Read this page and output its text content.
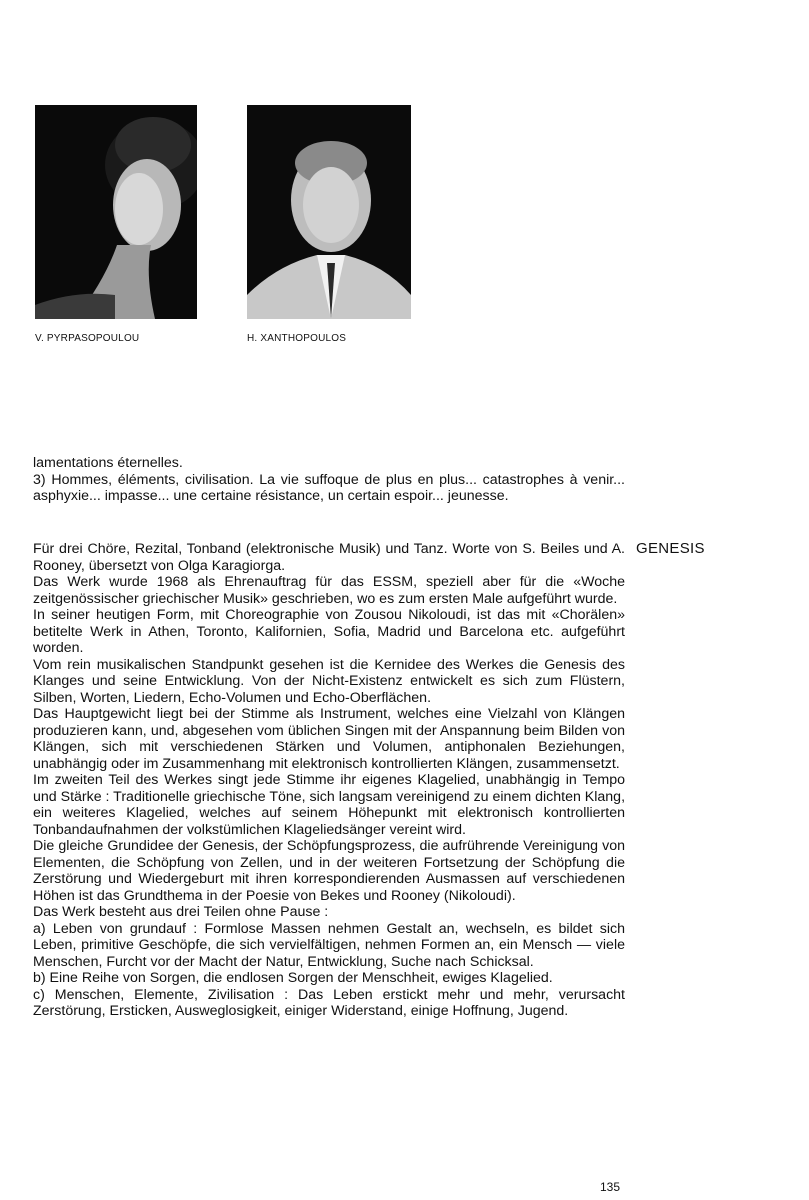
V. PYRPASOPOULOU	H. XANTHOPOULOS

lamentations éternelles.

3) Hommes, éléments, civilisation. La vie suffoque de plus en plus... catastrophes à venir... asphyxie... impasse... une certaine résistance, un certain espoir... jeunesse.

GENESIS

Für drei Chöre, Rezital, Tonband (elektronische Musik) und Tanz. Worte von S. Beiles und A. Rooney, übersetzt von Olga Karagiorga.

Das Werk wurde 1968 als Ehrenauftrag für das ESSM, speziell aber für die «Woche zeitgenössischer griechischer Musik» geschrieben, wo es zum ersten Male aufgeführt wurde.

In seiner heutigen Form, mit Choreographie von Zousou Nikoloudi, ist das mit «Chorälen» betitelte Werk in Athen, Toronto, Kalifornien, Sofia, Madrid und Barcelona etc. aufgeführt worden.

Vom rein musikalischen Standpunkt gesehen ist die Kernidee des Werkes die Genesis des Klanges und seine Entwicklung. Von der Nicht-Existenz entwickelt es sich zum Flüstern, Silben, Worten, Liedern, Echo-Volumen und Echo-Oberflächen.

Das Hauptgewicht liegt bei der Stimme als Instrument, welches eine Vielzahl von Klängen produzieren kann, und, abgesehen vom üblichen Singen mit der Anspannung beim Bilden von Klängen, sich mit verschiedenen Stärken und Volumen, antiphonalen Beziehungen, unabhängig oder im Zusammenhang mit elektronisch kontrollierten Klängen, zusammensetzt.

Im zweiten Teil des Werkes singt jede Stimme ihr eigenes Klagelied, unabhängig in Tempo und Stärke : Traditionelle griechische Töne, sich langsam vereinigend zu einem dichten Klang, ein weiteres Klagelied, welches auf seinem Höhepunkt mit elektronisch kontrollierten Tonbandaufnahmen der volkstümlichen Klageliedsänger vereint wird.

Die gleiche Grundidee der Genesis, der Schöpfungsprozess, die aufrührende Vereinigung von Elementen, die Schöpfung von Zellen, und in der weiteren Fortsetzung der Schöpfung die Zerstörung und Wiedergeburt mit ihren korrespondierenden Ausmassen auf verschiedenen Höhen ist das Grundthema in der Poesie von Bekes und Rooney (Nikoloudi).

Das Werk besteht aus drei Teilen ohne Pause :

a) Leben von grundauf : Formlose Massen nehmen Gestalt an, wechseln, es bildet sich Leben, primitive Geschöpfe, die sich vervielfältigen, nehmen Formen an, ein Mensch — viele Menschen, Furcht vor der Macht der Natur, Entwicklung, Suche nach Schicksal.

b) Eine Reihe von Sorgen, die endlosen Sorgen der Menschheit, ewiges Klagelied.

c) Menschen, Elemente, Zivilisation : Das Leben erstickt mehr und mehr, verursacht Zerstörung, Ersticken, Ausweglosigkeit, einiger Widerstand, einige Hoffnung, Jugend.

135
